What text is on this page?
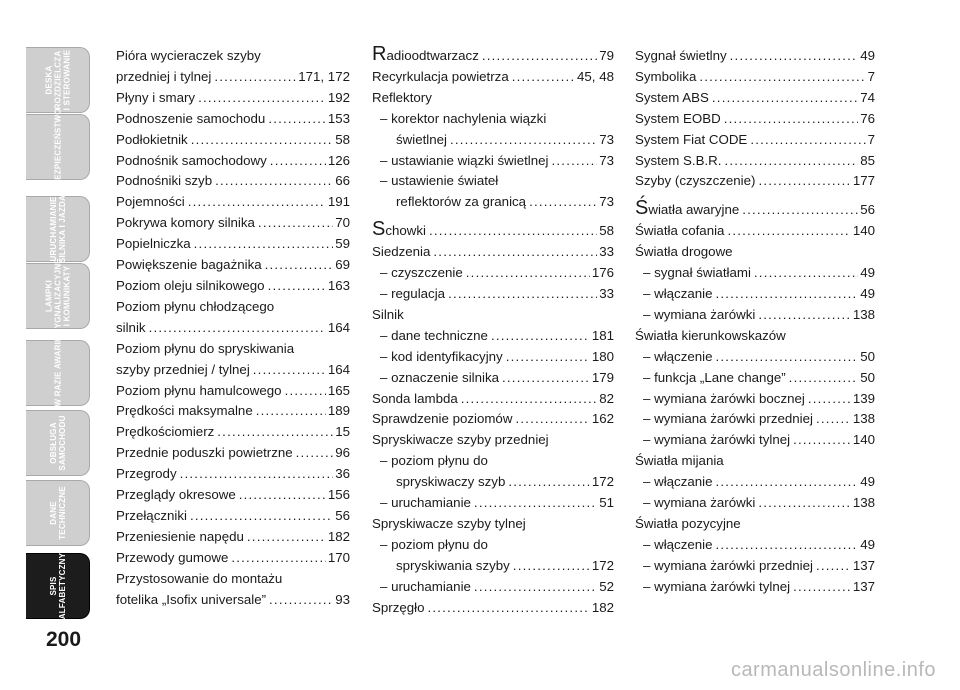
DESKA ROZDZIELCZA I STEROWANIE

BEZPIECZEŃSTWO

URUCHAMIANIE SILNIKA I JAZDA

LAMPKI SYGNALIZACYJNE I KOMUNIKATY

W RAZIE AWARII

OBSŁUGA SAMOCHODU

DANE TECHNICZNE

SPIS ALFABETYCZNY

200
Pióra wycieraczek szyby
przedniej i tylnej .....	171, 172
Płyny i smary .....	192
Podnoszenie samochodu .....	153
Podłokietnik .....	58
Podnośnik samochodowy .....	126
Podnośniki szyb .....	66
Pojemności .....	191
Pokrywa komory silnika .....	70
Popielniczka .....	59
Powiększenie bagażnika .....	69
Poziom oleju silnikowego .....	163
Poziom płynu chłodzącego
silnik .....	164
Poziom płynu do spryskiwania
szyby przedniej / tylnej .....	164
Poziom płynu hamulcowego .....	165
Prędkości maksymalne .....	189
Prędkościomierz .....	15
Przednie poduszki powietrzne .....	96
Przegrody .....	36
Przeglądy okresowe .....	156
Przełączniki .....	56
Przeniesienie napędu .....	182
Przewody gumowe .....	170
Przystosowanie do montażu
fotelika „Isofix universale” .....	93
Radioodtwarzacz .....	79
Recyrkulacja powietrza .....	45, 48
Reflektory
– korektor nachylenia wiązki
świetlnej .....	73
– ustawianie wiązki świetlnej .....	73
– ustawienie świateł
reflektorów za granicą .....	73
Schowki .....	58
Siedzenia .....	33
– czyszczenie .....	176
– regulacja .....	33
Silnik
– dane techniczne .....	181
– kod identyfikacyjny .....	180
– oznaczenie silnika .....	179
Sonda lambda .....	82
Sprawdzenie poziomów .....	162
Spryskiwacze szyby przedniej
– poziom płynu do
spryskiwaczy szyb .....	172
– uruchamianie .....	51
Spryskiwacze szyby tylnej
– poziom płynu do
spryskiwania szyby .....	172
– uruchamianie .....	52
Sprzęgło .....	182
Sygnał świetlny .....	49
Symbolika .....	7
System ABS .....	74
System EOBD .....	76
System Fiat CODE .....	7
System S.B.R. .....	85
Szyby (czyszczenie) .....	177
Światła awaryjne .....	56
Światła cofania .....	140
Światła drogowe
– sygnał światłami .....	49
– włączanie .....	49
– wymiana żarówki .....	138
Światła kierunkowskazów
– włączenie .....	50
– funkcja „Lane change” .....	50
– wymiana żarówki bocznej .....	139
– wymiana żarówki przedniej .....	138
– wymiana żarówki tylnej .....	140
Światła mijania
– włączanie .....	49
– wymiana żarówki .....	138
Światła pozycyjne
– włączenie .....	49
– wymiana żarówki przedniej .....	137
– wymiana żarówki tylnej .....	137
carmanualsonline.info
